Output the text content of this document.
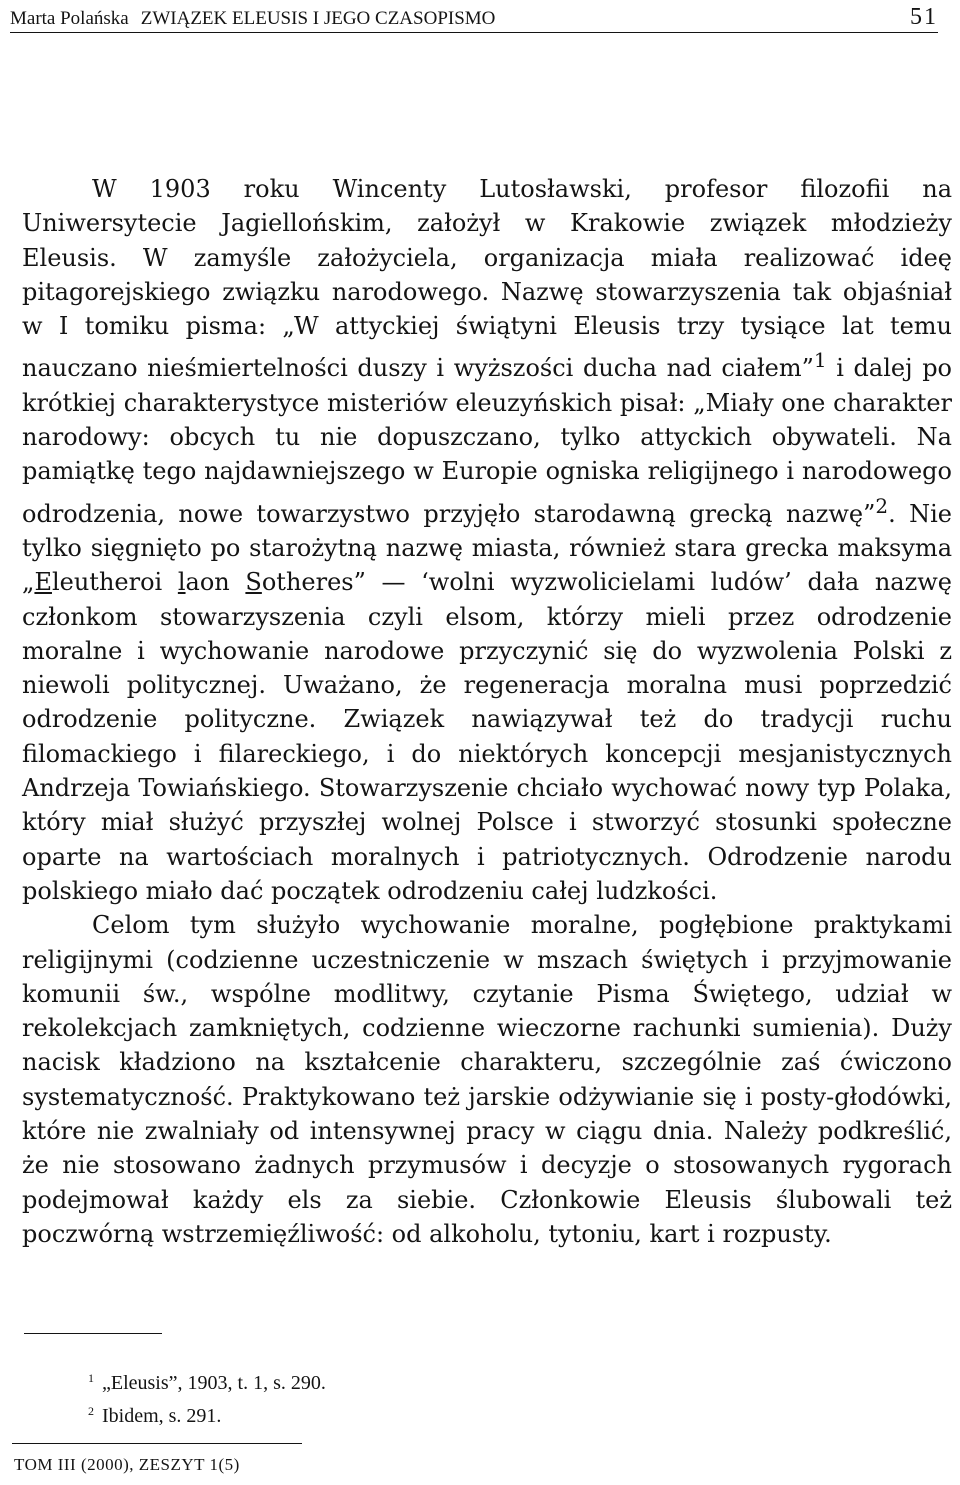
Marta Polańska ZWIĄZEK ELEUSIS I JEGO CZASOPISMO	51

W 1903 roku Wincenty Lutosławski, profesor filozofii na Uniwersytecie Jagiellońskim, założył w Krakowie związek młodzieży Eleusis. W zamyśle założyciela, organizacja miała realizować ideę pitagorejskiego związku narodowego. Nazwę stowarzyszenia tak objaśniał w I tomiku pisma: „W attyckiej świątyni Eleusis trzy tysiące lat temu nauczano nieśmiertelności duszy i wyższości ducha nad ciałem”$^1$ i dalej po krótkiej charakterystyce misteriów eleuzyńskich pisał: „Miały one charakter narodowy: obcych tu nie dopuszczano, tylko attyckich obywateli. Na pamiątkę tego najdawniejszego w Europie ogniska religijnego i narodowego odrodzenia, nowe towarzystwo przyjęło starodawną grecką nazwę”$^2$. Nie tylko sięgnięto po starożytną nazwę miasta, również stara grecka maksyma „Eleutheroi laon Sotheres” — ‘wolni wyzwolicielami ludów’ dała nazwę członkom stowarzyszenia czyli elsom, którzy mieli przez odrodzenie moralne i wychowanie narodowe przyczynić się do wyzwolenia Polski z niewoli politycznej. Uważano, że regeneracja moralna musi poprzedzić odrodzenie polityczne. Związek nawiązywał też do tradycji ruchu filomackiego i filareckiego, i do niektórych koncepcji mesjanistycznych Andrzeja Towiańskiego. Stowarzyszenie chciało wychować nowy typ Polaka, który miał służyć przyszłej wolnej Polsce i stworzyć stosunki społeczne oparte na wartościach moralnych i patriotycznych. Odrodzenie narodu polskiego miało dać początek odrodzeniu całej ludzkości.

Celom tym służyło wychowanie moralne, pogłębione praktykami religijnymi (codzienne uczestniczenie w mszach świętych i przyjmowanie komunii św., wspólne modlitwy, czytanie Pisma Świętego, udział w rekolekcjach zamkniętych, codzienne wieczorne rachunki sumienia). Duży nacisk kładziono na kształcenie charakteru, szczególnie zaś ćwiczono systematyczność. Praktykowano też jarskie odżywianie się i posty-głodówki, które nie zwalniały od intensywnej pracy w ciągu dnia. Należy podkreślić, że nie stosowano żadnych przymusów i decyzje o stosowanych rygorach podejmował każdy els za siebie. Członkowie Eleusis ślubowali też poczwórną wstrzemięźliwość: od alkoholu, tytoniu, kart i rozpusty.

$^1$ „Eleusis”, 1903, t. 1, s. 290.
$^2$ Ibidem, s. 291.
TOM III (2000), ZESZYT 1(5)
